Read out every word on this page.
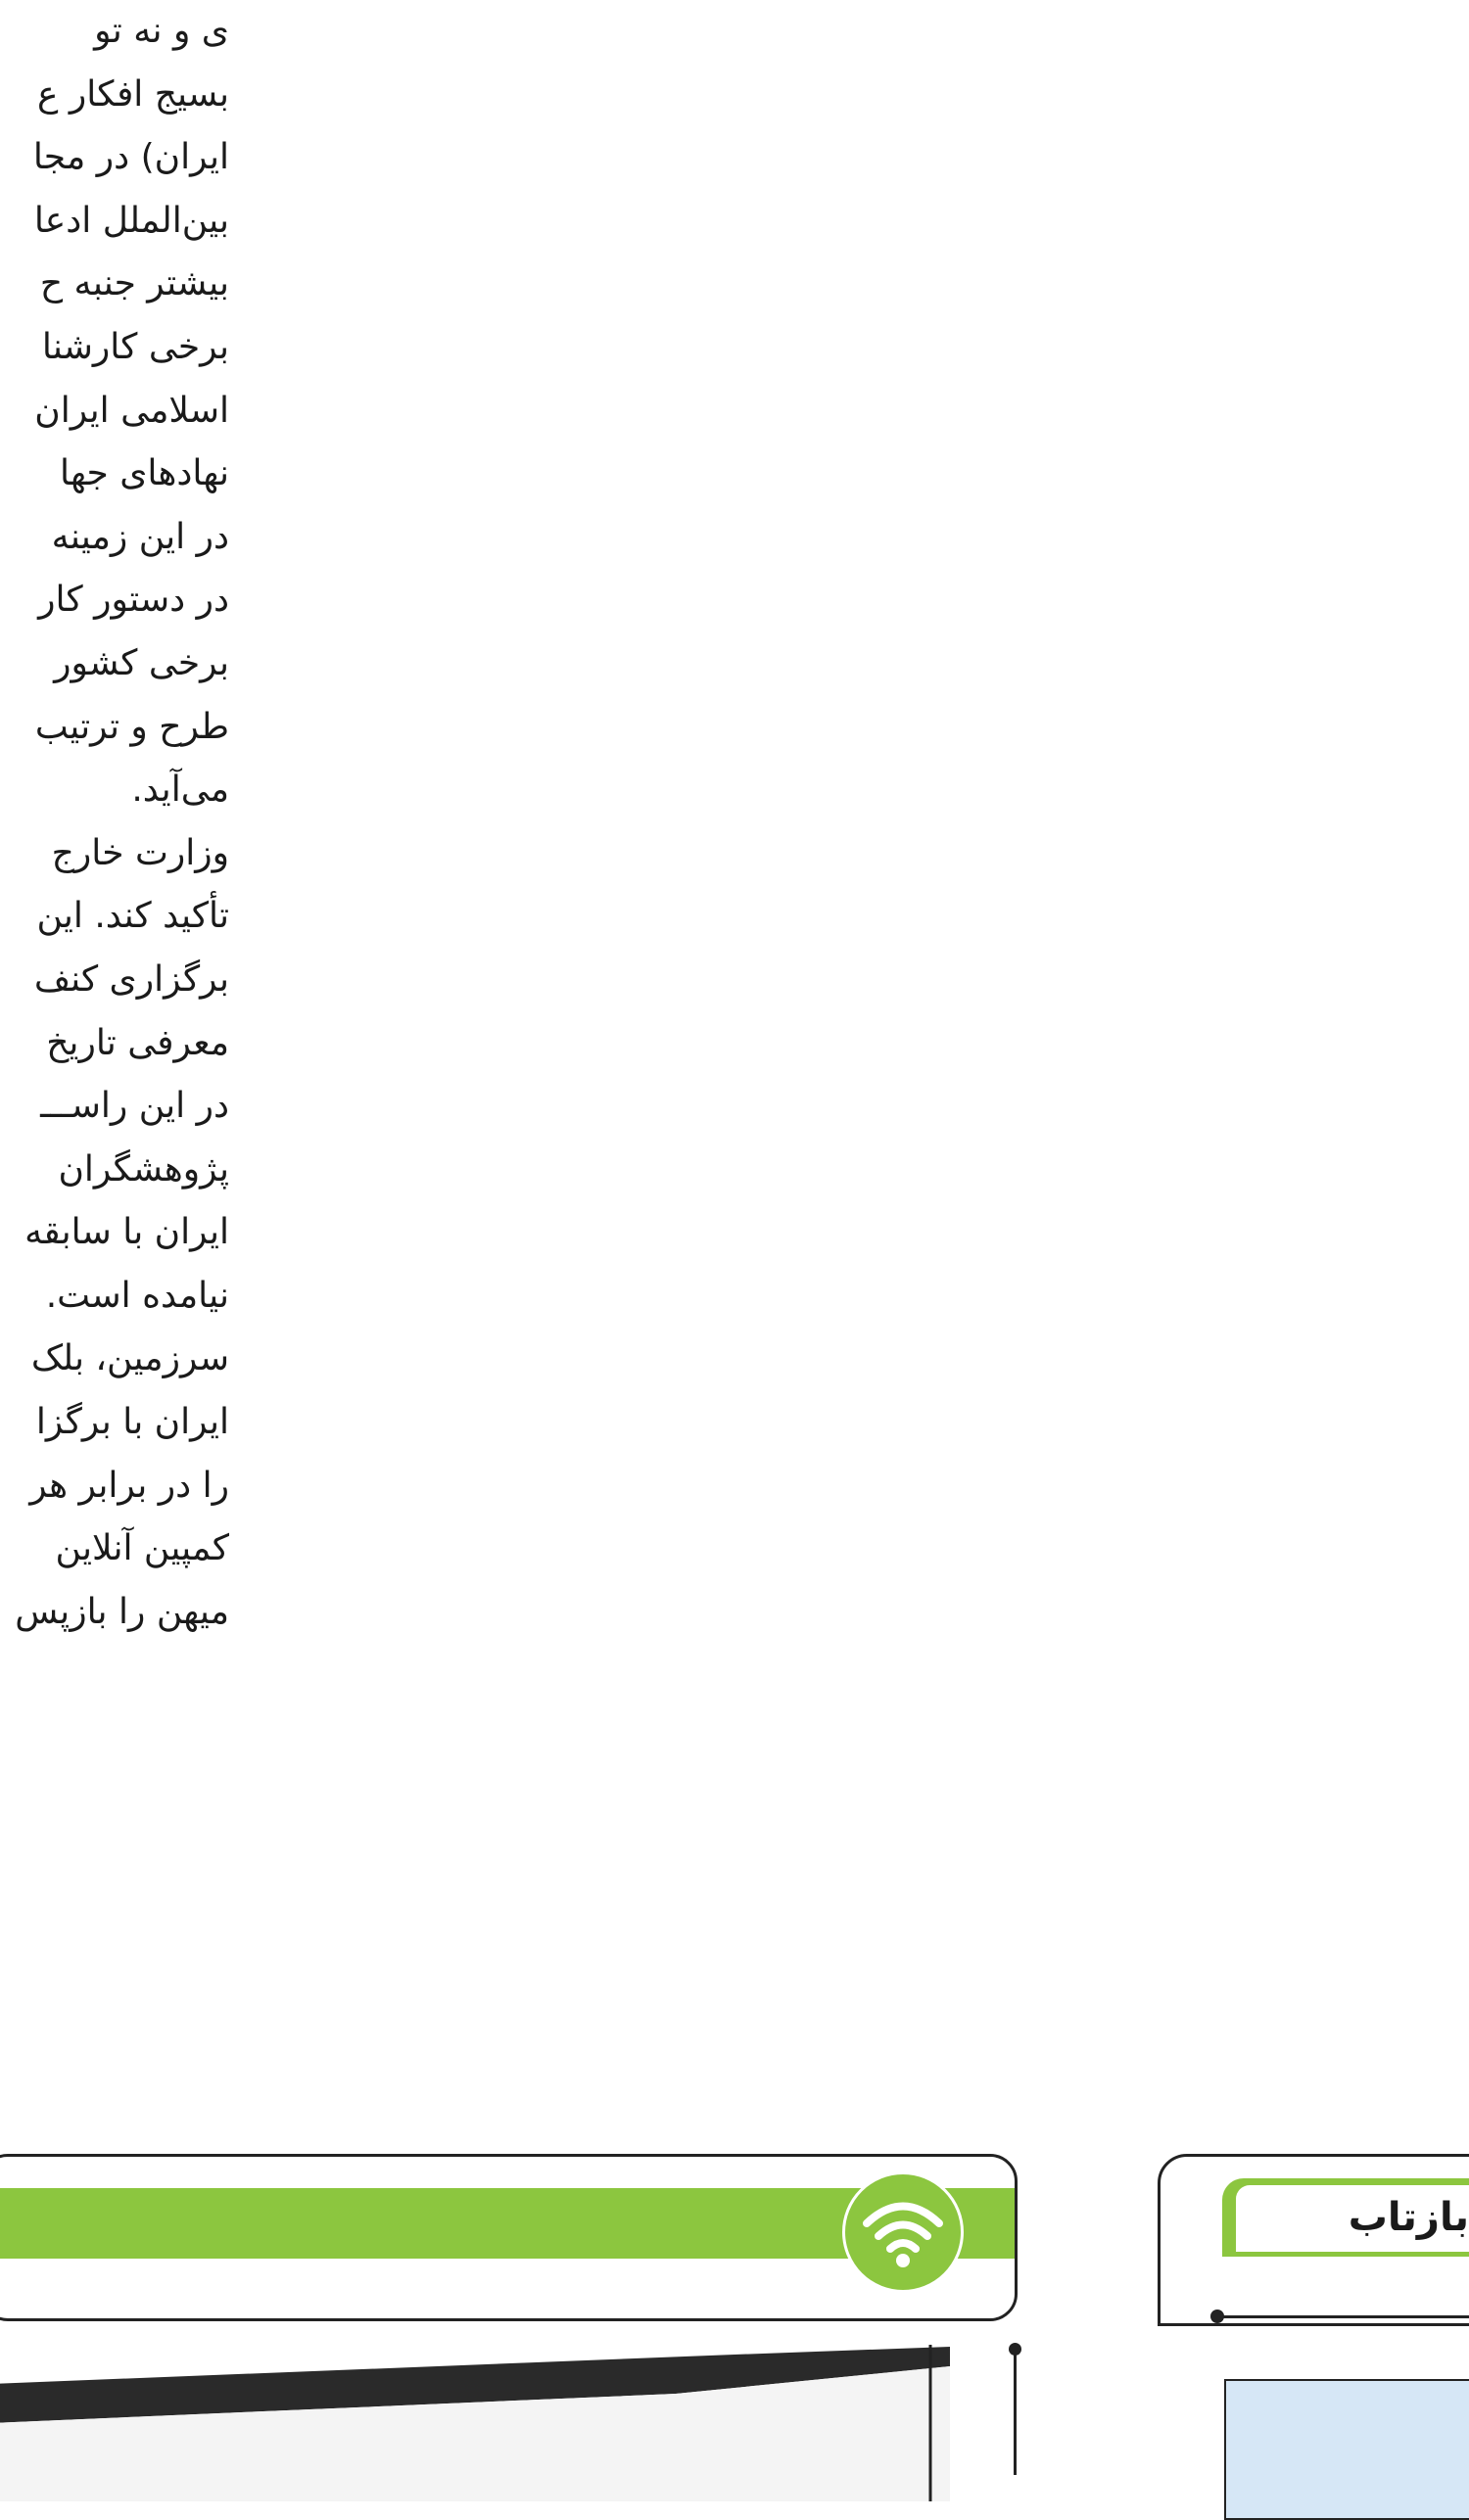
ی و نه تو
بسیج افکار ع
ایران) در مجا
بین‌الملل ادعا
بیشتر جنبه ح
برخی کارشنا
اسلامی ایران
نهادهای جها
در این زمینه
در دستور کار
برخی کشور
طرح و ترتیب
می‌آید.
وزارت خارج
تأکید کند. این
برگزاری کنف
معرفی تاریخ
در این راســـ
پژوهشگران
ایران با سابقه
نیامده است.
سرزمین، بلک
ایران با برگزا
را در برابر هر
کمپین آنلاین
میهن را بازپس
بازتاب
